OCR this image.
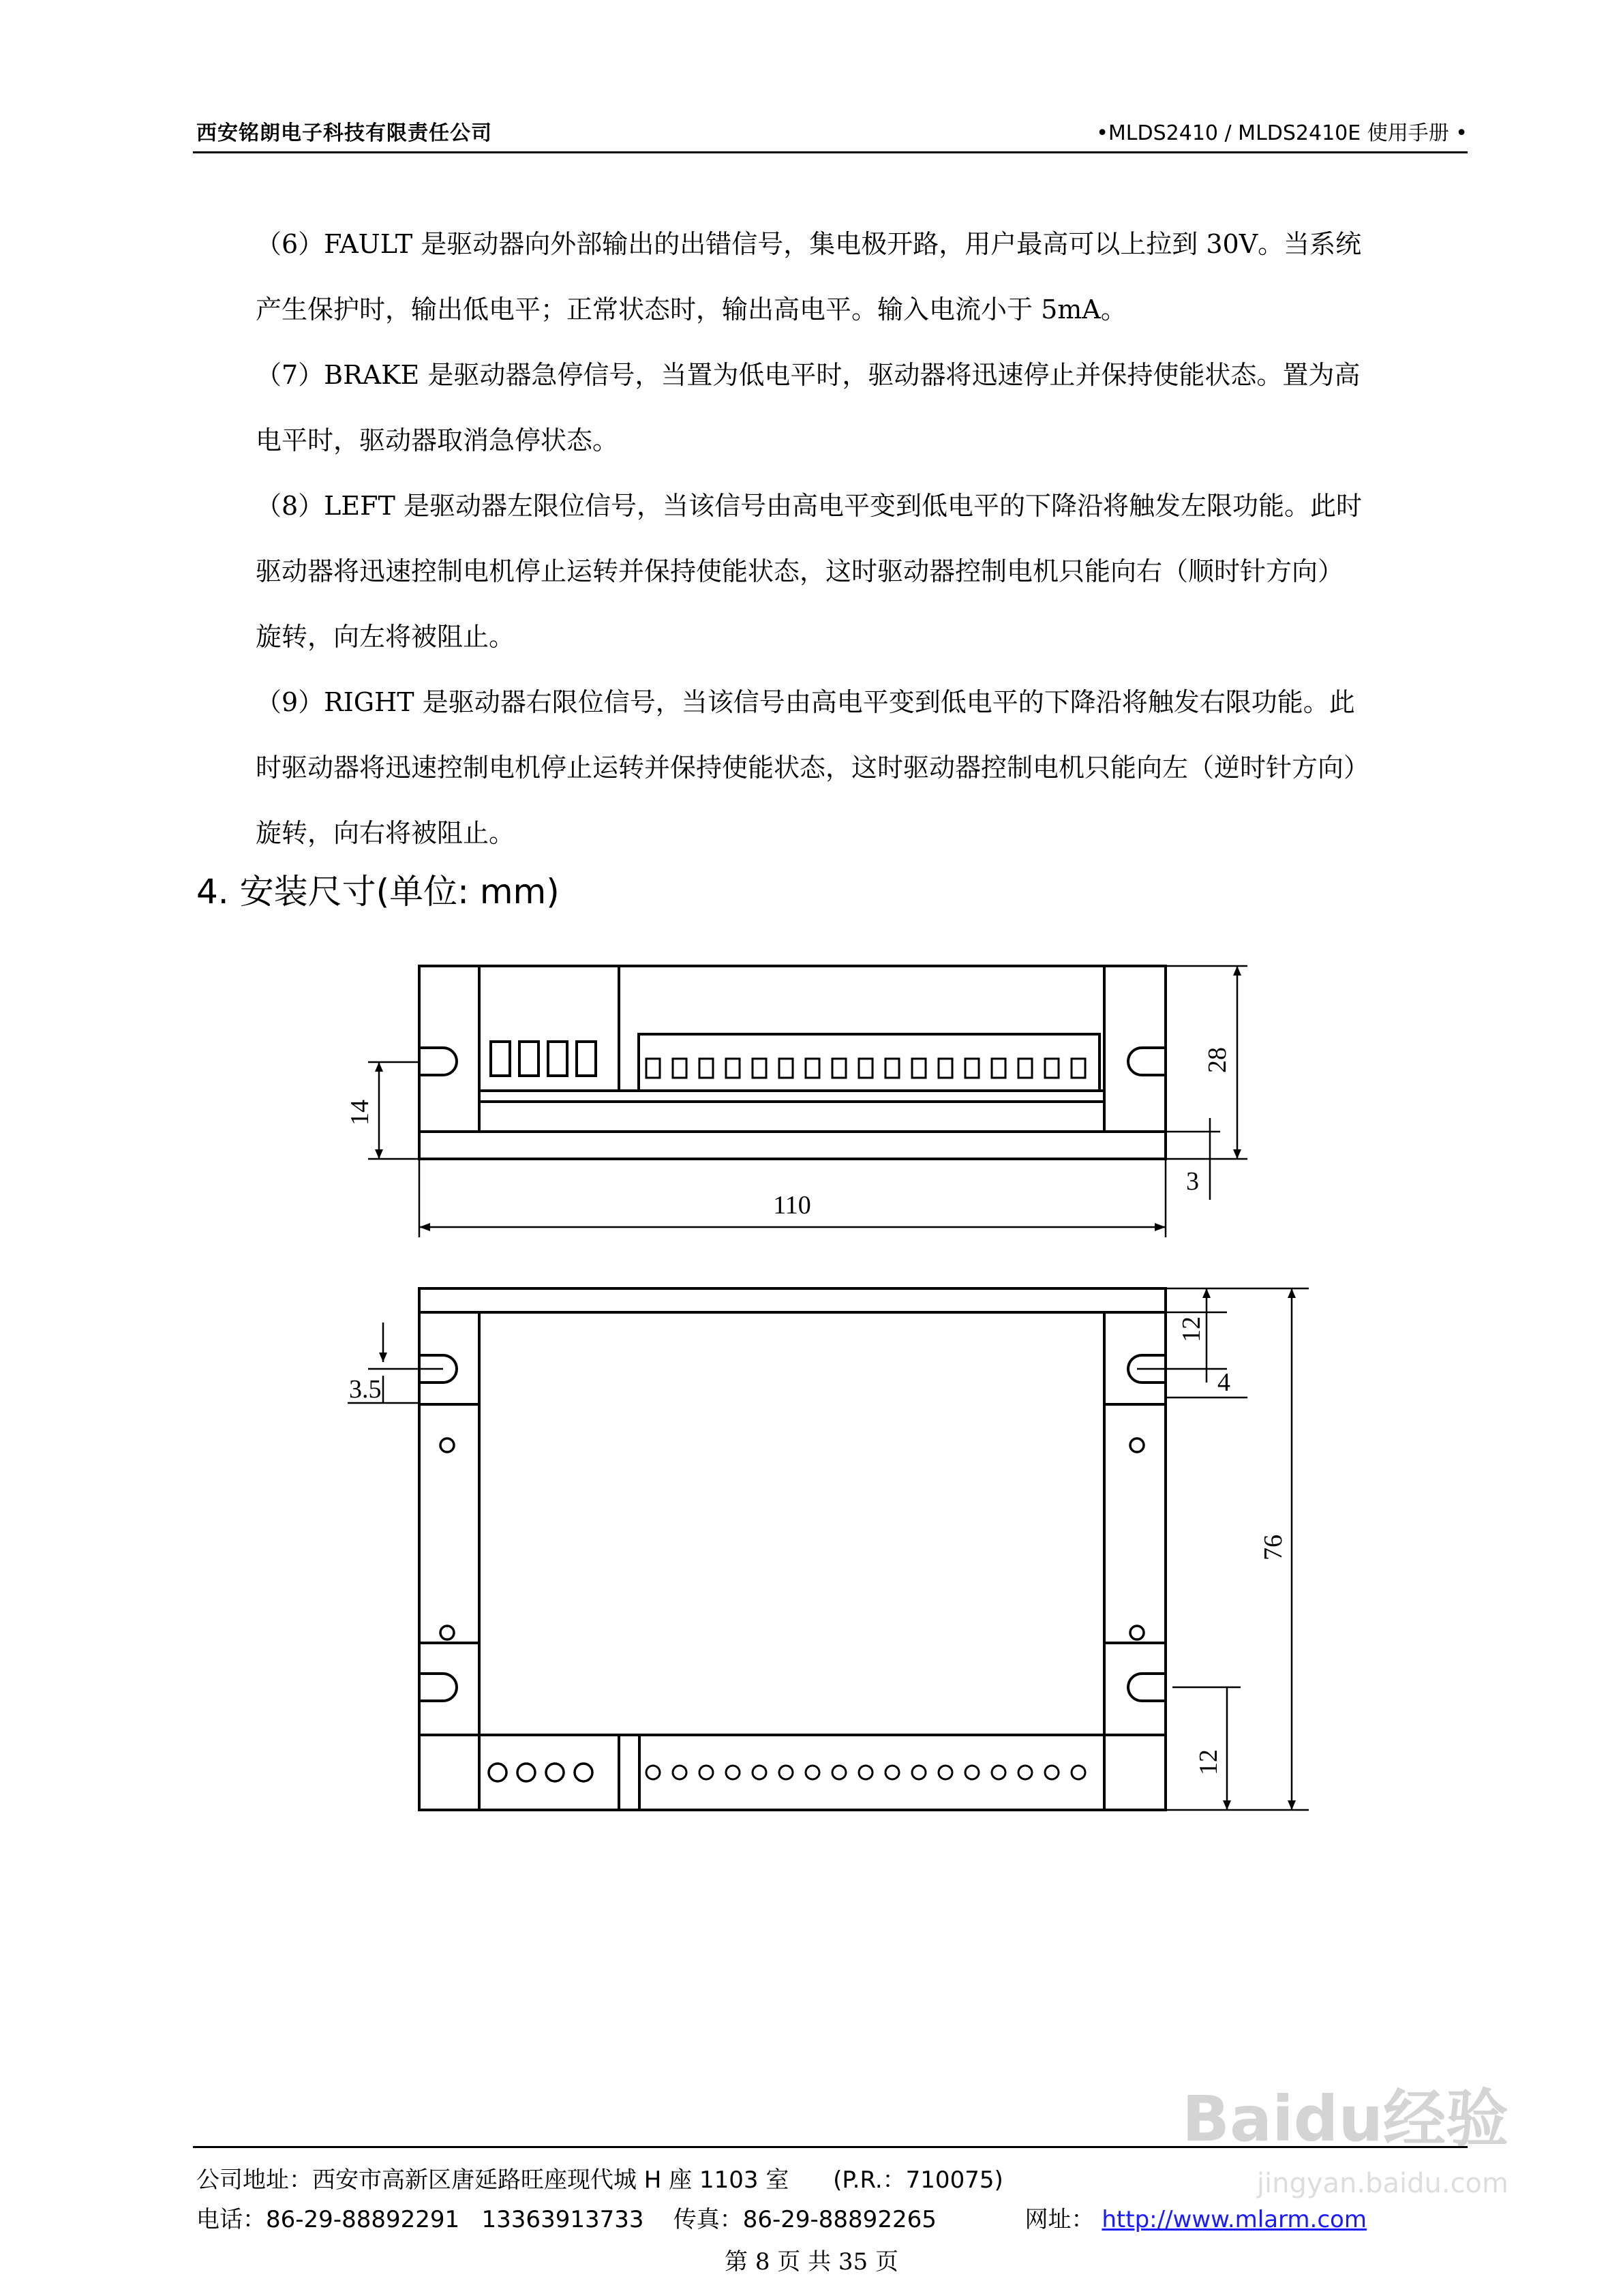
西安铭朗电子科技有限责任公司	•MLDS2410 / MLDS2410E 使用手册 •
（6）FAULT 是驱动器向外部输出的出错信号，集电极开路，用户最高可以上拉到 30V。当系统
产生保护时，输出低电平；正常状态时，输出高电平。输入电流小于 5mA。
（7）BRAKE 是驱动器急停信号，当置为低电平时，驱动器将迅速停止并保持使能状态。置为高
电平时，驱动器取消急停状态。
（8）LEFT 是驱动器左限位信号，当该信号由高电平变到低电平的下降沿将触发左限功能。此时
驱动器将迅速控制电机停止运转并保持使能状态，这时驱动器控制电机只能向右（顺时针方向）
旋转，向左将被阻止。
（9）RIGHT 是驱动器右限位信号，当该信号由高电平变到低电平的下降沿将触发右限功能。此
时驱动器将迅速控制电机停止运转并保持使能状态，这时驱动器控制电机只能向左（逆时针方向）
旋转，向右将被阻止。
4. 安装尺寸(单位: mm)
14
28
3
110
12
3.5	4
76
12
Baidu经验
jingyan.baidu.com
公司地址：西安市高新区唐延路旺座现代城 H 座 1103 室      (P.R.：710075)
电话：86-29-88892291   13363913733    传真：86-29-88892265	网址： http://www.mlarm.com
第 8 页 共 35 页
